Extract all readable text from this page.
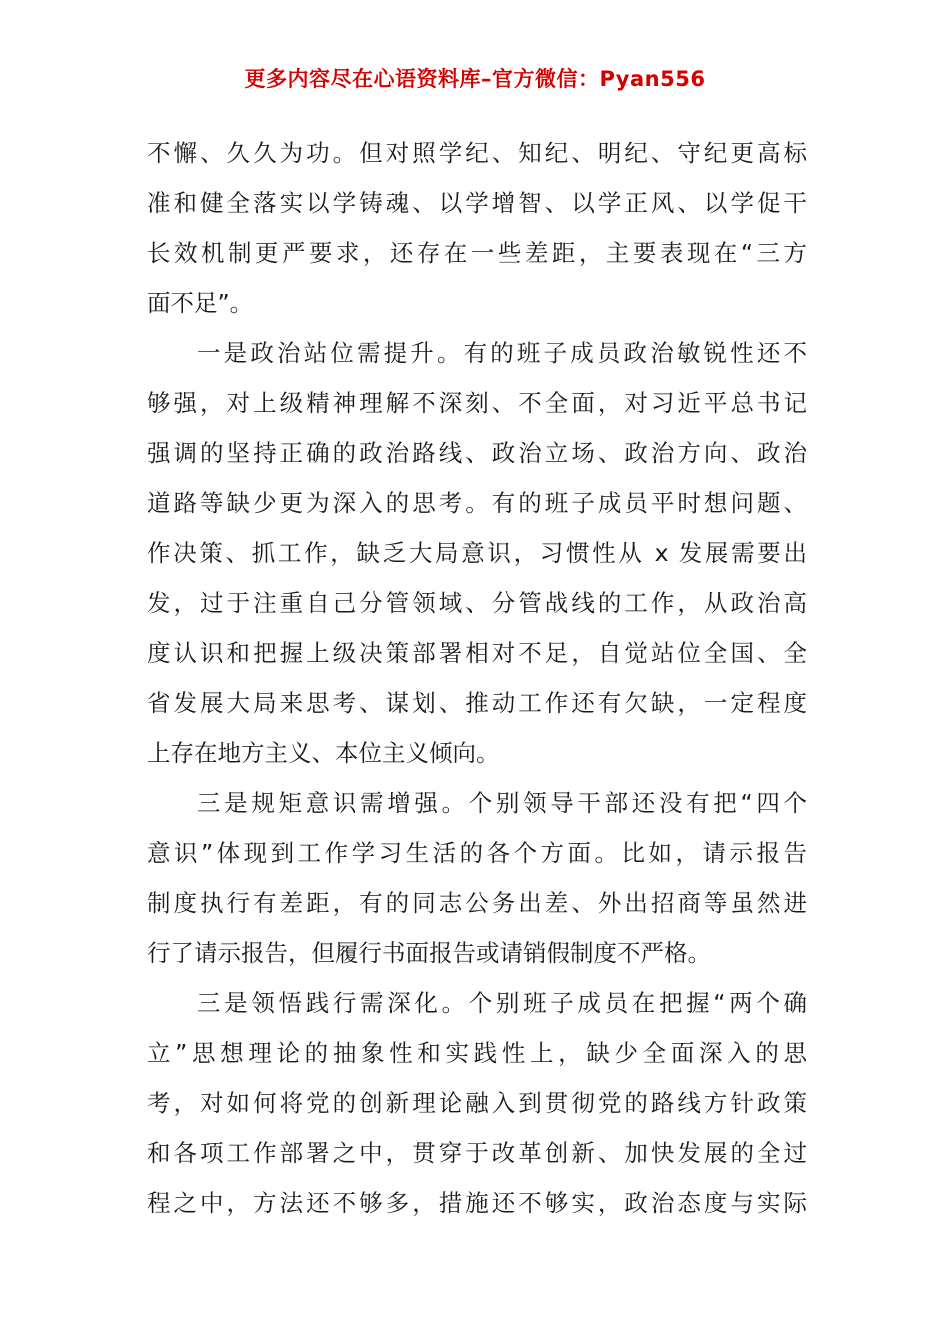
更多内容尽在心语资料库–官方微信：Pyan556
不懈、久久为功。但对照学纪、知纪、明纪、守纪更高标
准和健全落实以学铸魂、以学增智、以学正风、以学促干
长效机制更严要求，还存在一些差距，主要表现在“三方
面不足”。
一是政治站位需提升。有的班子成员政治敏锐性还不
够强，对上级精神理解不深刻、不全面，对习近平总书记
强调的坚持正确的政治路线、政治立场、政治方向、政治
道路等缺少更为深入的思考。有的班子成员平时想问题、
作决策、抓工作，缺乏大局意识，习惯性从 x 发展需要出
发，过于注重自己分管领域、分管战线的工作，从政治高
度认识和把握上级决策部署相对不足，自觉站位全国、全
省发展大局来思考、谋划、推动工作还有欠缺，一定程度
上存在地方主义、本位主义倾向。
三是规矩意识需增强。个别领导干部还没有把“四个
意识”体现到工作学习生活的各个方面。比如，请示报告
制度执行有差距，有的同志公务出差、外出招商等虽然进
行了请示报告，但履行书面报告或请销假制度不严格。
三是领悟践行需深化。个别班子成员在把握“两个确
立”思想理论的抽象性和实践性上，缺少全面深入的思
考，对如何将党的创新理论融入到贯彻党的路线方针政策
和各项工作部署之中，贯穿于改革创新、加快发展的全过
程之中，方法还不够多，措施还不够实，政治态度与实际
